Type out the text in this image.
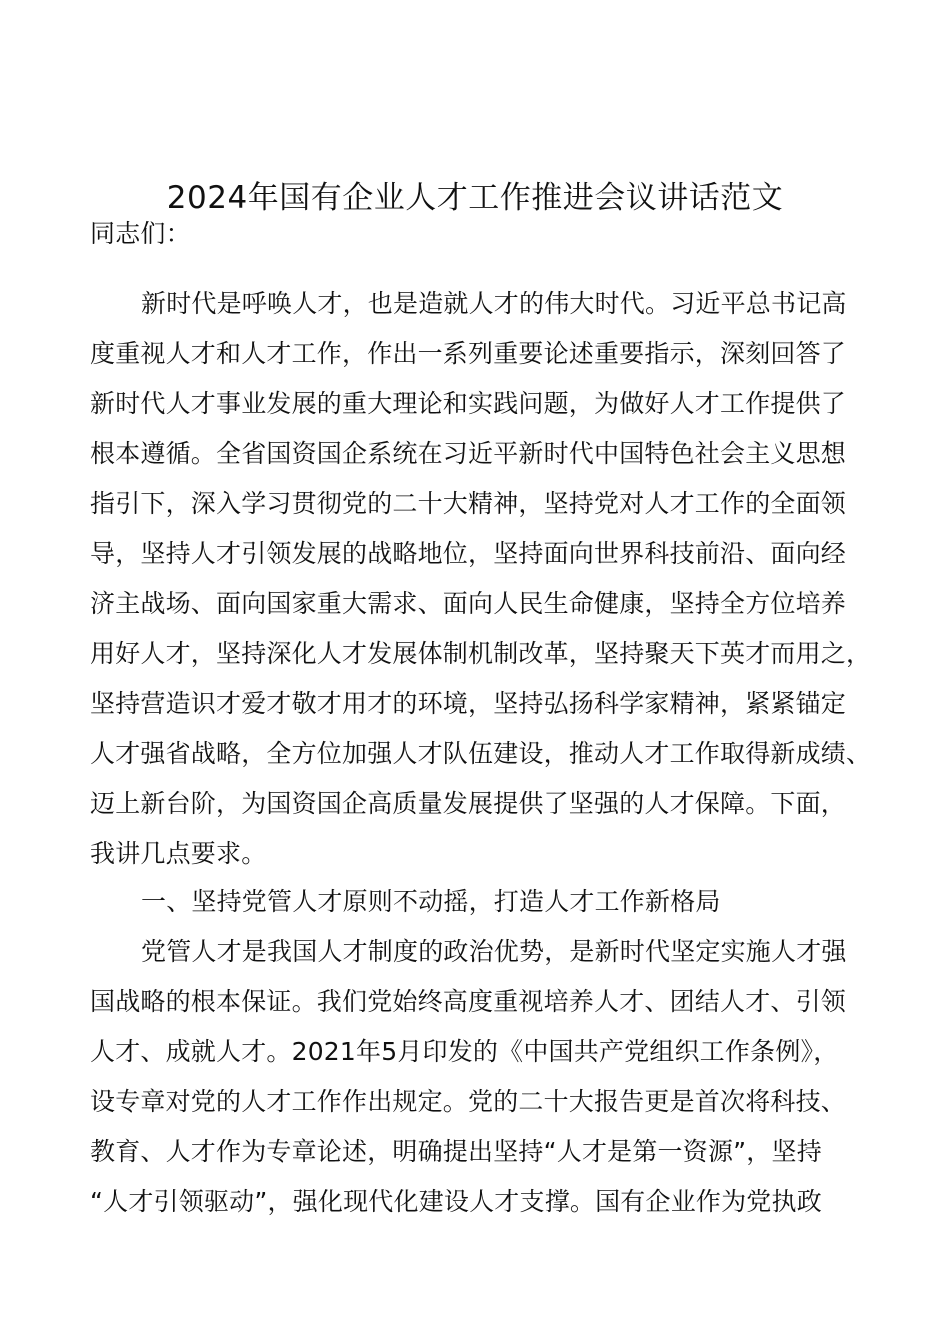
2024年国有企业人才工作推进会议讲话范文
同志们：
新时代是呼唤人才，也是造就人才的伟大时代。习近平总书记高
度重视人才和人才工作，作出一系列重要论述重要指示，深刻回答了
新时代人才事业发展的重大理论和实践问题，为做好人才工作提供了
根本遵循。全省国资国企系统在习近平新时代中国特色社会主义思想
指引下，深入学习贯彻党的二十大精神，坚持党对人才工作的全面领
导，坚持人才引领发展的战略地位，坚持面向世界科技前沿、面向经
济主战场、面向国家重大需求、面向人民生命健康，坚持全方位培养
用好人才，坚持深化人才发展体制机制改革，坚持聚天下英才而用之，
坚持营造识才爱才敬才用才的环境，坚持弘扬科学家精神，紧紧锚定
人才强省战略，全方位加强人才队伍建设，推动人才工作取得新成绩、
迈上新台阶，为国资国企高质量发展提供了坚强的人才保障。下面，
我讲几点要求。
一、坚持党管人才原则不动摇，打造人才工作新格局
党管人才是我国人才制度的政治优势，是新时代坚定实施人才强
国战略的根本保证。我们党始终高度重视培养人才、团结人才、引领
人才、成就人才。2021年5月印发的《中国共产党组织工作条例》，
设专章对党的人才工作作出规定。党的二十大报告更是首次将科技、
教育、人才作为专章论述，明确提出坚持“人才是第一资源”，坚持
“人才引领驱动”，强化现代化建设人才支撑。国有企业作为党执政
